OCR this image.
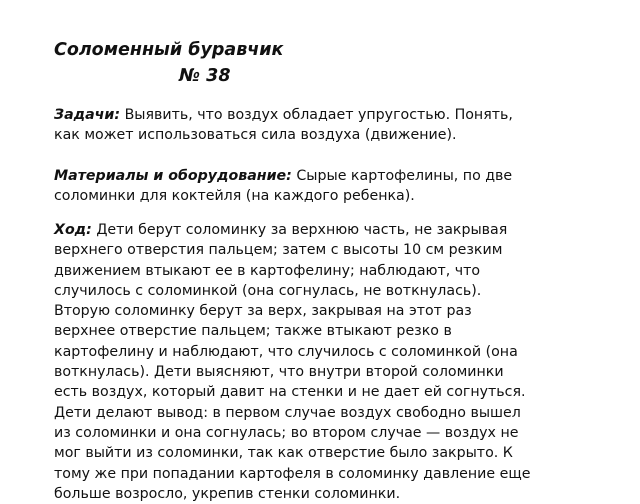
Соломенный буравчик
№ 38
Задачи: Выявить, что воздух обладает упругостью. Понять,
как может использоваться сила воздуха (движение).
Материалы и оборудование: Сырые картофелины, по две
соломинки для коктейля (на каждого ребенка).
Ход: Дети берут соломинку за верхнюю часть, не закрывая
верхнего отверстия пальцем; затем с высоты 10 см резким
движением втыкают ее в картофелину; наблюдают, что
случилось с соломинкой (она согнулась, не воткнулась).
Вторую соломинку берут за верх, закрывая на этот раз
верхнее отверстие пальцем; также втыкают резко в
картофелину и наблюдают, что случилось с соломинкой (она
воткнулась). Дети выясняют, что внутри второй соломинки
есть воздух, который давит на стенки и не дает ей согнуться.
Дети делают вывод: в первом случае воздух свободно вышел
из соломинки и она согнулась; во втором случае — воздух не
мог выйти из соломинки, так как отверстие было закрыто. К
тому же при попадании картофеля в соломинку давление еще
больше возросло, укрепив стенки соломинки.
